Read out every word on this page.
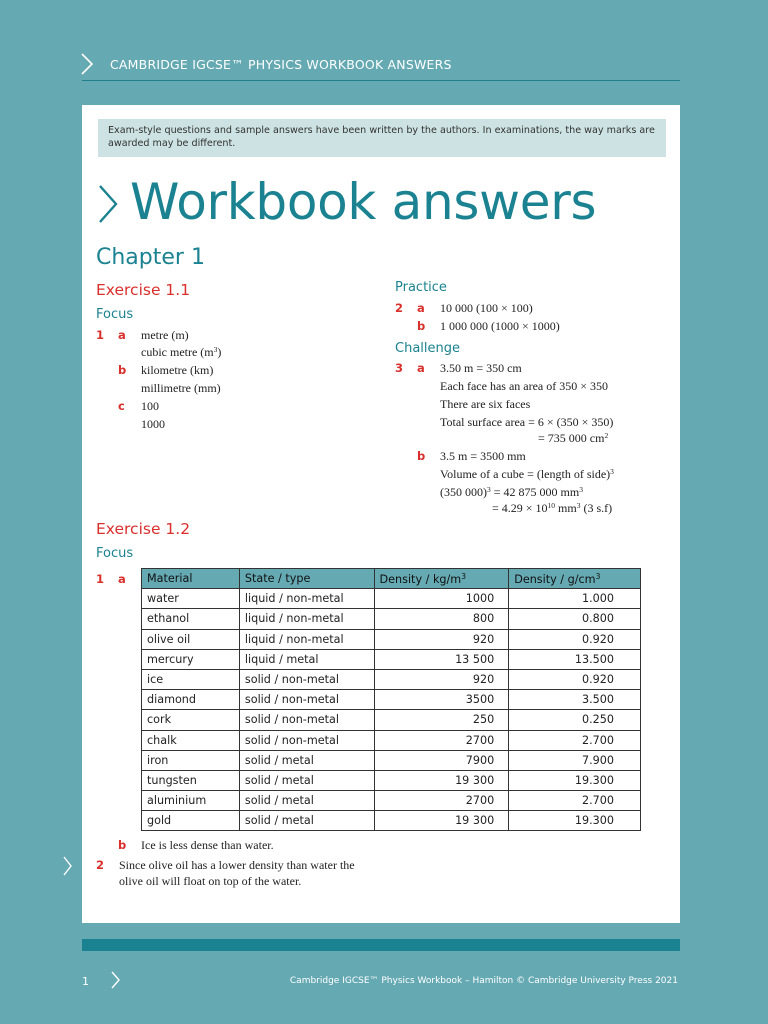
CAMBRIDGE IGCSE™ PHYSICS WORKBOOK ANSWERS
Exam-style questions and sample answers have been written by the authors. In examinations, the way marks are awarded may be different.
Workbook answers
Chapter 1
Exercise 1.1
Focus
1 a metre (m)
cubic metre $(m^3)$
b kilometre (km)
millimetre (mm)
c 100
1000
Practice
2 a 10 000 (100 × 100)
b 1 000 000 (1000 × 1000)
Challenge
3 a 3.50 m = 350 cm
Each face has an area of 350 × 350
There are six faces
Total surface area = 6 × (350 × 350)
= 735 000 $cm^2$
b 3.5 m = 3500 mm
Volume of a cube = (length of side)$^3$
(350 000)$^3$ = 42 875 000 $mm^3$
= $4.29 \times 10^{10}$ $mm^3$ (3 s.f)
Exercise 1.2
Focus
1 a Material	State / type	Density / $kg/m^3$	Density / $g/cm^3$
water	liquid / non-metal	1000	1.000
ethanol	liquid / non-metal	800	0.800
olive oil	liquid / non-metal	920	0.920
mercury	liquid / metal	13 500	13.500
ice	solid / non-metal	920	0.920
diamond	solid / non-metal	3500	3.500
cork	solid / non-metal	250	0.250
chalk	solid / non-metal	2700	2.700
iron	solid / metal	7900	7.900
tungsten	solid / metal	19 300	19.300
aluminium	solid / metal	2700	2.700
gold	solid / metal	19 300	19.300
b Ice is less dense than water.
2 Since olive oil has a lower density than water the
olive oil will float on top of the water.
1	Cambridge IGCSE™ Physics Workbook – Hamilton © Cambridge University Press 2021
